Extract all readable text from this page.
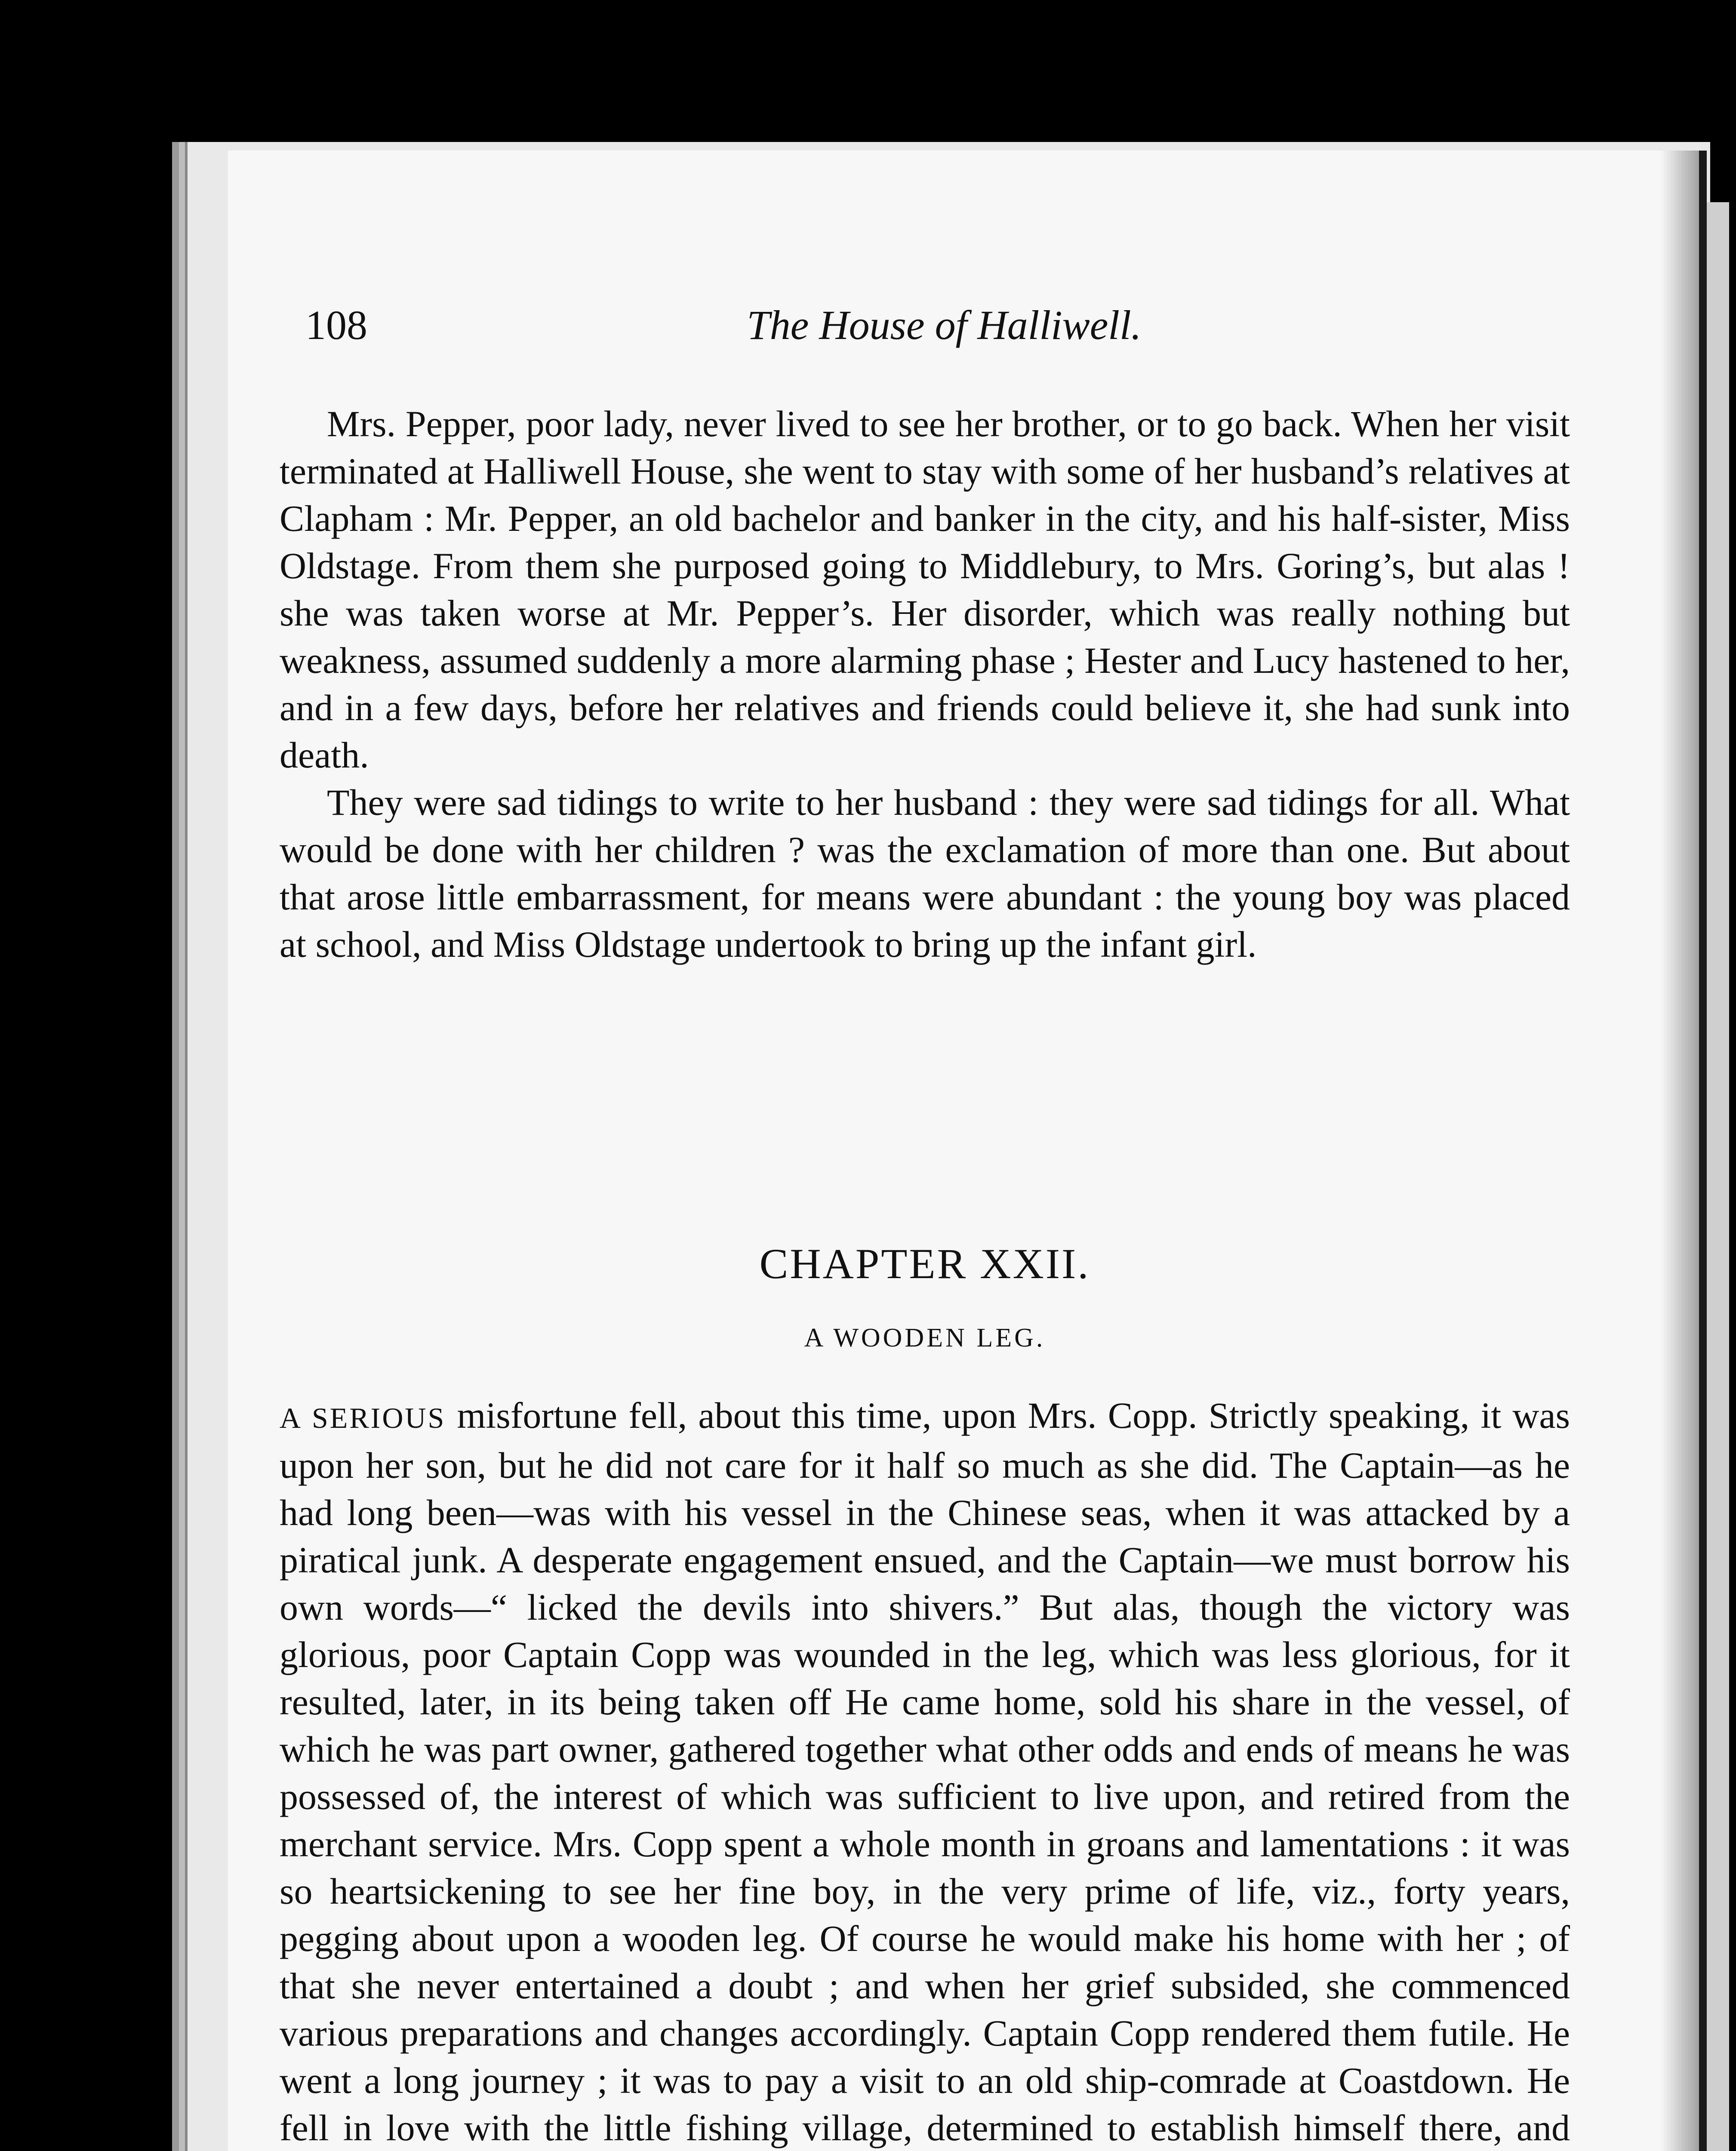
108	The House of Halliwell.

Mrs. Pepper, poor lady, never lived to see her brother, or to go back. When her visit terminated at Halliwell House, she went to stay with some of her husband’s relatives at Clapham : Mr. Pepper, an old bachelor and banker in the city, and his half-sister, Miss Oldstage. From them she purposed going to Middlebury, to Mrs. Goring’s, but alas ! she was taken worse at Mr. Pepper’s. Her disorder, which was really nothing but weakness, assumed suddenly a more alarming phase ; Hester and Lucy hastened to her, and in a few days, before her relatives and friends could believe it, she had sunk into death.

They were sad tidings to write to her husband : they were sad tidings for all. What would be done with her children ? was the exclamation of more than one. But about that arose little embarrassment, for means were abundant : the young boy was placed at school, and Miss Oldstage undertook to bring up the infant girl.

CHAPTER XXII.
A WOODEN LEG.

A SERIOUS misfortune fell, about this time, upon Mrs. Copp. Strictly speaking, it was upon her son, but he did not care for it half so much as she did. The Captain—as he had long been—was with his vessel in the Chinese seas, when it was attacked by a piratical junk. A desperate engagement ensued, and the Captain—we must borrow his own words—“ licked the devils into shivers.” But alas, though the victory was glorious, poor Captain Copp was wounded in the leg, which was less glorious, for it resulted, later, in its being taken off He came home, sold his share in the vessel, of which he was part owner, gathered together what other odds and ends of means he was possessed of, the interest of which was sufficient to live upon, and retired from the merchant service. Mrs. Copp spent a whole month in groans and lamentations : it was so heartsickening to see her fine boy, in the very prime of life, viz., forty years, pegging about upon a wooden leg. Of course he would make his home with her ; of that she never entertained a doubt ; and when her grief subsided, she commenced various preparations and changes accordingly. Captain Copp rendered them futile. He went a long journey ; it was to pay a visit to an old ship-comrade at Coastdown. He fell in love with the little fishing village, determined to establish himself there, and
